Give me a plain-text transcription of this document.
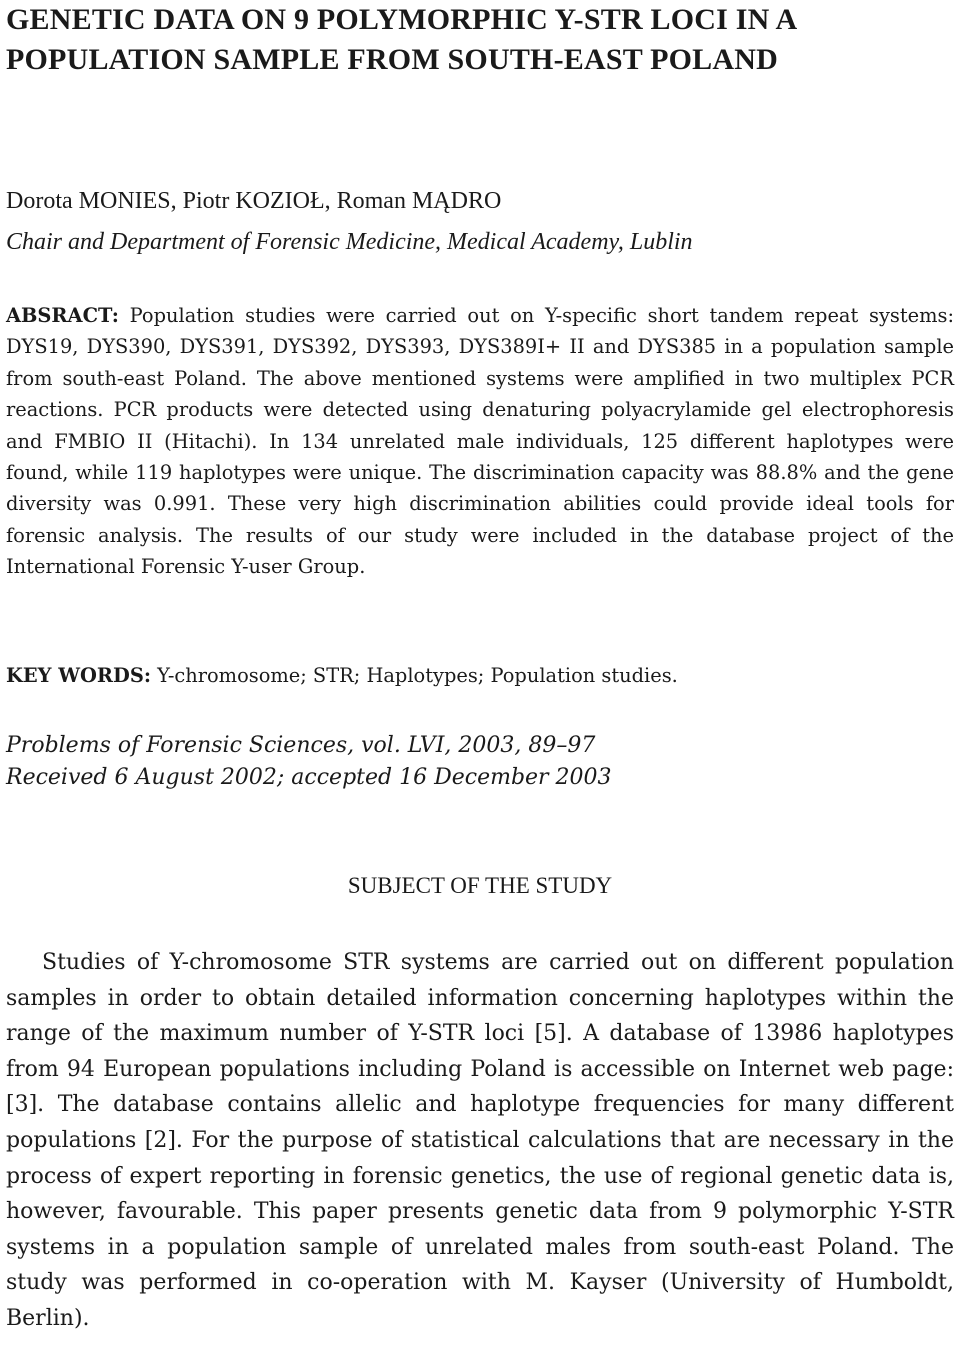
GENETIC DATA ON 9 POLYMORPHIC Y-STR LOCI IN A POPULATION SAMPLE FROM SOUTH-EAST POLAND
Dorota MONIES, Piotr KOZIOŁ, Roman MĄDRO
Chair and Department of Forensic Medicine, Medical Academy, Lublin

ABSRACT: Population studies were carried out on Y-specific short tandem repeat systems: DYS19, DYS390, DYS391, DYS392, DYS393, DYS389I+ II and DYS385 in a population sample from south-east Poland. The above mentioned systems were amplified in two multiplex PCR reactions. PCR products were detected using denaturing polyacrylamide gel electrophoresis and FMBIO II (Hitachi). In 134 unrelated male individuals, 125 different haplotypes were found, while 119 haplotypes were unique. The discrimination capacity was 88.8% and the gene diversity was 0.991. These very high discrimination abilities could provide ideal tools for forensic analysis. The results of our study were included in the database project of the International Forensic Y-user Group.

KEY WORDS: Y-chromosome; STR; Haplotypes; Population studies.

Problems of Forensic Sciences, vol. LVI, 2003, 89–97
Received 6 August 2002; accepted 16 December 2003
SUBJECT OF THE STUDY

Studies of Y-chromosome STR systems are carried out on different population samples in order to obtain detailed information concerning haplotypes within the range of the maximum number of Y-STR loci [5]. A database of 13986 haplotypes from 94 European populations including Poland is accessible on Internet web page: [3]. The database contains allelic and haplotype frequencies for many different populations [2]. For the purpose of statistical calculations that are necessary in the process of expert reporting in forensic genetics, the use of regional genetic data is, however, favourable. This paper presents genetic data from 9 polymorphic Y-STR systems in a population sample of unrelated males from south-east Poland. The study was performed in co-operation with M. Kayser (University of Humboldt, Berlin).
